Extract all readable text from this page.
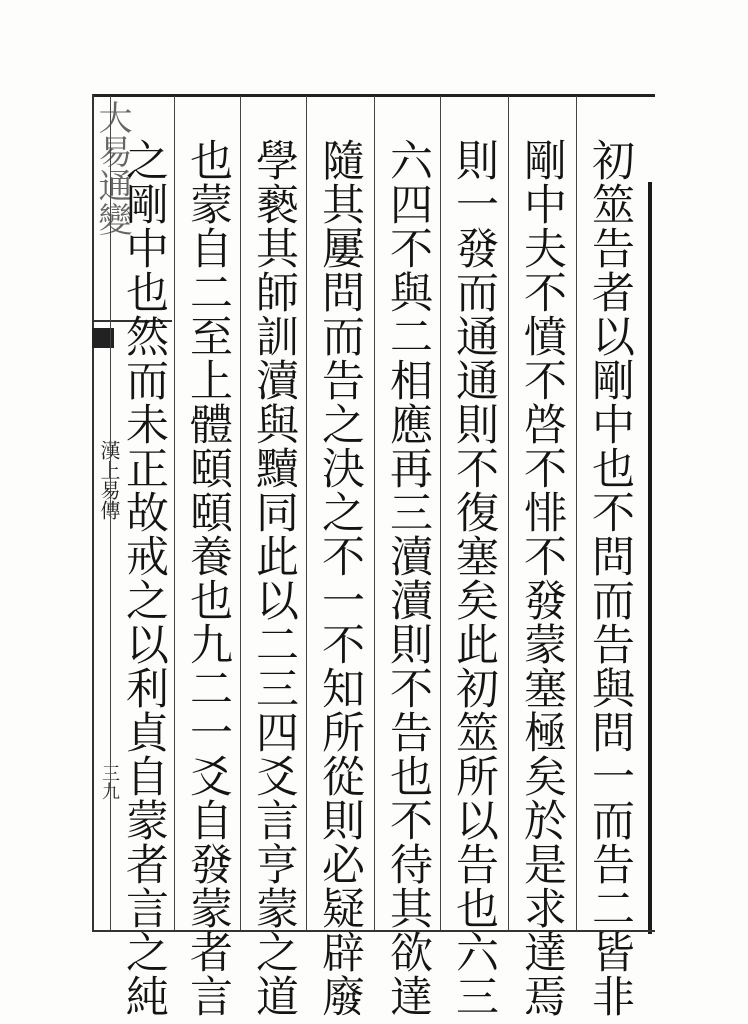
大易通變
漢上易傳
三九	初筮告者以剛中也不問而告與問一而告二皆非
剛中夫不憤不啓不悱不發蒙塞極矣於是求達焉
則一發而通通則不復塞矣此初筮所以告也六三
六四不與二相應再三瀆瀆則不告也不待其欲達
隨其屢問而告之決之不一不知所從則必疑辟廢
學褻其師訓瀆與黷同此以二三四爻言亨蒙之道
也蒙自二至上體頤頤養也九二一爻自發蒙者言
之剛中也然而未正故戒之以利貞自蒙者言之純
